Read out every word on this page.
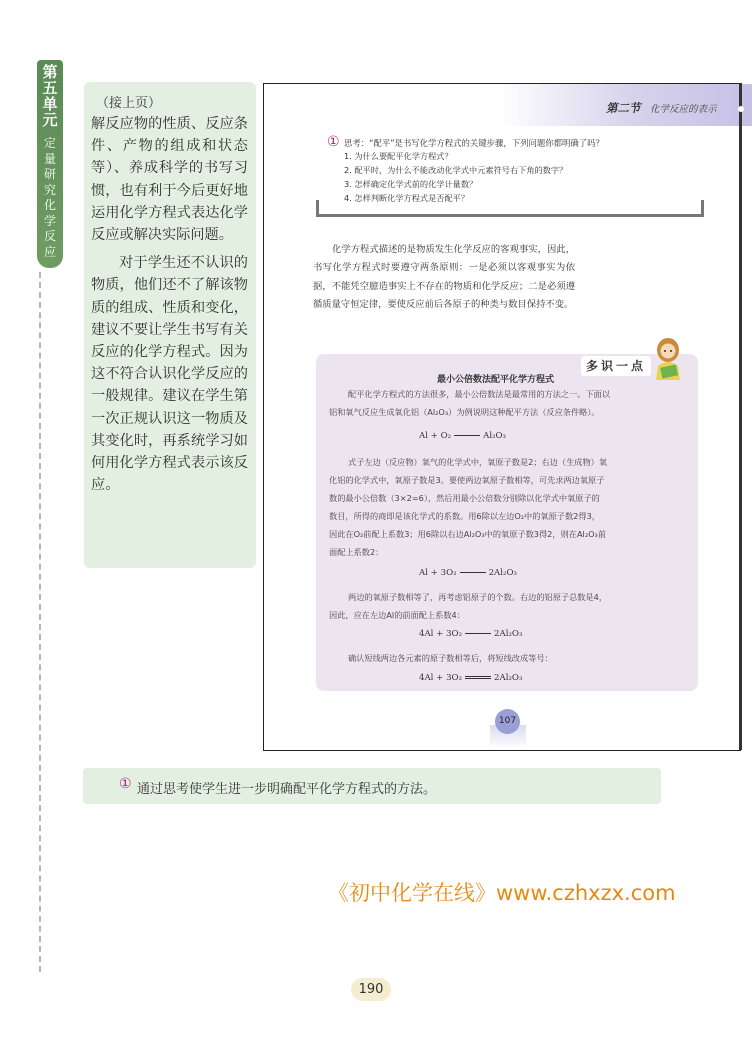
第
五
单
元
定
量
研
究
化
学
反
应
（接上页）

解反应物的性质、反应条件、产物的组成和状态等）、养成科学的书写习惯，也有利于今后更好地运用化学方程式表达化学反应或解决实际问题。

对于学生还不认识的物质，他们还不了解该物质的组成、性质和变化，建议不要让学生书写有关反应的化学方程式。因为这不符合认识化学反应的一般规律。建议在学生第一次正规认识这一物质及其变化时，再系统学习如何用化学方程式表示该反应。

第二节 化学反应的表示
① 思考：“配平”是书写化学方程式的关键步骤，下列问题你都明确了吗？
1. 为什么要配平化学方程式？
2. 配平时，为什么不能改动化学式中元素符号右下角的数字？
3. 怎样确定化学式前的化学计量数？
4. 怎样判断化学方程式是否配平？

化学方程式描述的是物质发生化学反应的客观事实，因此，书写化学方程式时要遵守两条原则：一是必须以客观事实为依据，不能凭空臆造事实上不存在的物质和化学反应；二是必须遵循质量守恒定律，要使反应前后各原子的种类与数目保持不变。

多识一点
最小公倍数法配平化学方程式
配平化学方程式的方法很多，最小公倍数法是最常用的方法之一。下面以
铝和氧气反应生成氧化铝（Al₂O₃）为例说明这种配平方法（反应条件略）。
Al + O₂	Al₂O₃
式子左边（反应物）氧气的化学式中，氧原子数是2；右边（生成物）氧
化铝的化学式中，氧原子数是3。要使两边氧原子数相等，可先求两边氧原子
数的最小公倍数（3×2=6），然后用最小公倍数分别除以化学式中氧原子的
数目，所得的商即是该化学式的系数。用6除以左边O₂中的氧原子数2得3，
因此在O₂前配上系数3；用6除以右边Al₂O₃中的氧原子数3得2，则在Al₂O₃前
面配上系数2：
Al + 3O₂	2Al₂O₃
两边的氧原子数相等了，再考虑铝原子的个数。右边的铝原子总数是4，
因此，应在左边Al的前面配上系数4：
4Al + 3O₂	2Al₂O₃
确认短线两边各元素的原子数相等后，将短线改成等号：
4Al + 3O₂	2Al₂O₃
107
① 通过思考使学生进一步明确配平化学方程式的方法。
《初中化学在线》www.czhxzx.com
190
